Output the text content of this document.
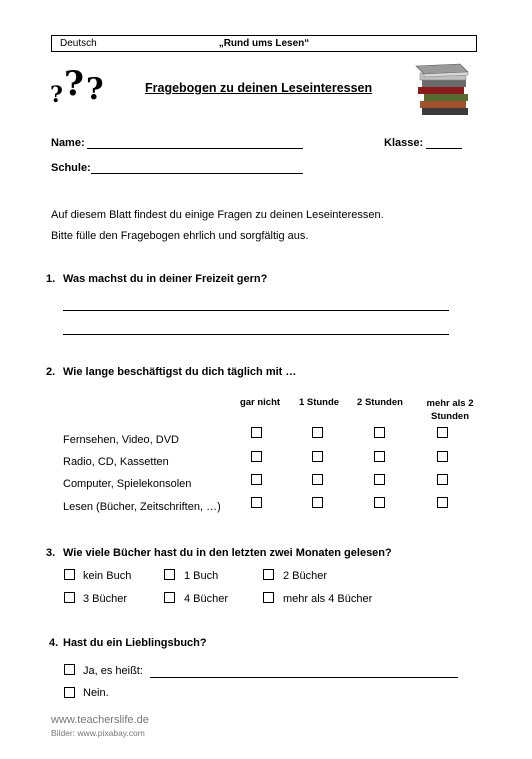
Deutsch	„Rund ums Lesen“
? ? ?	Fragebogen zu deinen Leseinteressen
Name:	Klasse:
Schule:
Auf diesem Blatt findest du einige Fragen zu deinen Leseinteressen.
Bitte fülle den Fragebogen ehrlich und sorgfältig aus.
1. Was machst du in deiner Freizeit gern?
2. Wie lange beschäftigst du dich täglich mit …
gar nicht	1 Stunde	2 Stunden	mehr als 2 Stunden
Fernsehen, Video, DVD
Radio, CD, Kassetten
Computer, Spielekonsolen
Lesen (Bücher, Zeitschriften, …)
3. Wie viele Bücher hast du in den letzten zwei Monaten gelesen?
kein Buch	1 Buch	2 Bücher
3 Bücher	4 Bücher	mehr als 4 Bücher
4. Hast du ein Lieblingsbuch?
Ja, es heißt:
Nein.
www.teacherslife.de
Bilder: www.pixabay.com
